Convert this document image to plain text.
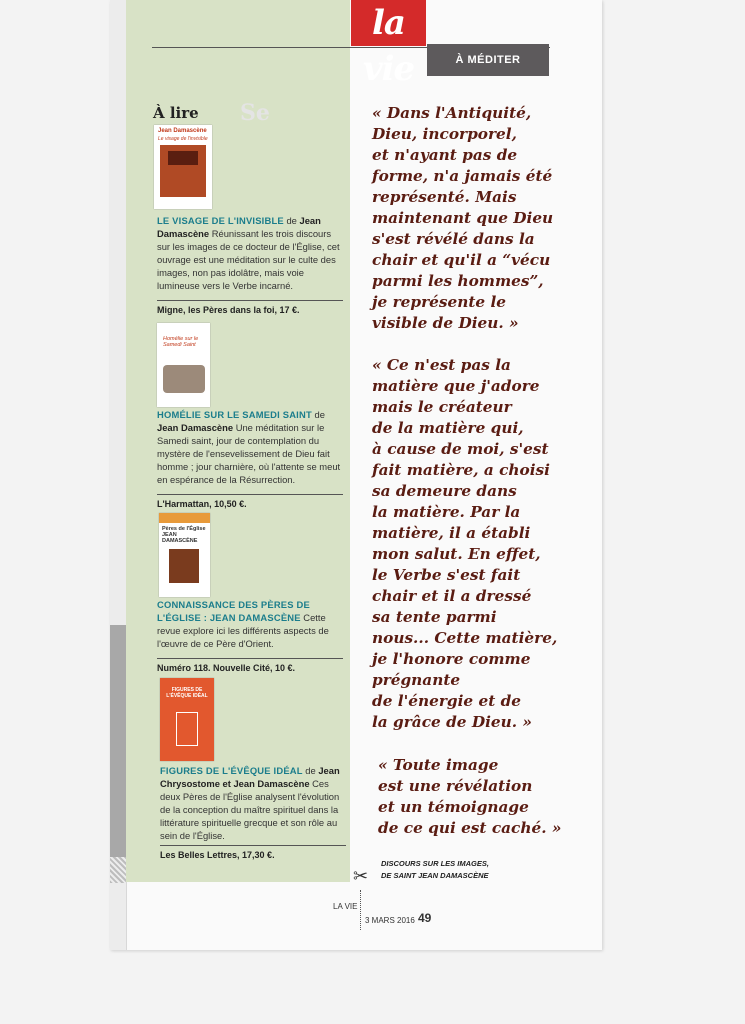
Se
la vie	À MÉDITER
À lire
Jean Damascène
Le visage de l'invisible
LE VISAGE DE L'INVISIBLE de Jean Damascène Réunissant les trois discours sur les images de ce docteur de l'Église, cet ouvrage est une méditation sur le culte des images, non pas idolâtre, mais voie lumineuse vers le Verbe incarné.
Migne, les Pères dans la foi, 17 €.
Homélie sur le Samedi Saint
HOMÉLIE SUR LE SAMEDI SAINT de Jean Damascène Une méditation sur le Samedi saint, jour de contemplation du mystère de l'ensevelissement de Dieu fait homme ; jour charnière, où l'attente se meut en espérance de la Résurrection.
L'Harmattan, 10,50 €.
Pères de l'Église
JEAN DAMASCÈNE
CONNAISSANCE DES PÈRES DE L'ÉGLISE : JEAN DAMASCÈNE Cette revue explore ici les différents aspects de l'œuvre de ce Père d'Orient.
Numéro 118. Nouvelle Cité, 10 €.
FIGURES DE L'ÉVÊQUE IDÉAL
FIGURES DE L'ÉVÊQUE IDÉAL de Jean Chrysostome et Jean Damascène Ces deux Pères de l'Église analysent l'évolution de la conception du maître spirituel dans la littérature spirituelle grecque et son rôle au sein de l'Église.
Les Belles Lettres, 17,30 €.
« Dans l'Antiquité,
Dieu, incorporel,
et n'ayant pas de
forme, n'a jamais été
représenté. Mais
maintenant que Dieu
s'est révélé dans la
chair et qu'il a “vécu
parmi les hommes”,
je représente le
visible de Dieu. »
« Ce n'est pas la
matière que j'adore
mais le créateur
de la matière qui,
à cause de moi, s'est
fait matière, a choisi
sa demeure dans
la matière. Par la
matière, il a établi
mon salut. En effet,
le Verbe s'est fait
chair et il a dressé
sa tente parmi
nous... Cette matière,
je l'honore comme
prégnante
de l'énergie et de
la grâce de Dieu. »
« Toute image
est une révélation
et un témoignage
de ce qui est caché. »
DISCOURS SUR LES IMAGES,
DE SAINT JEAN DAMASCÈNE
✂
LA VIE
3 MARS 2016 49
